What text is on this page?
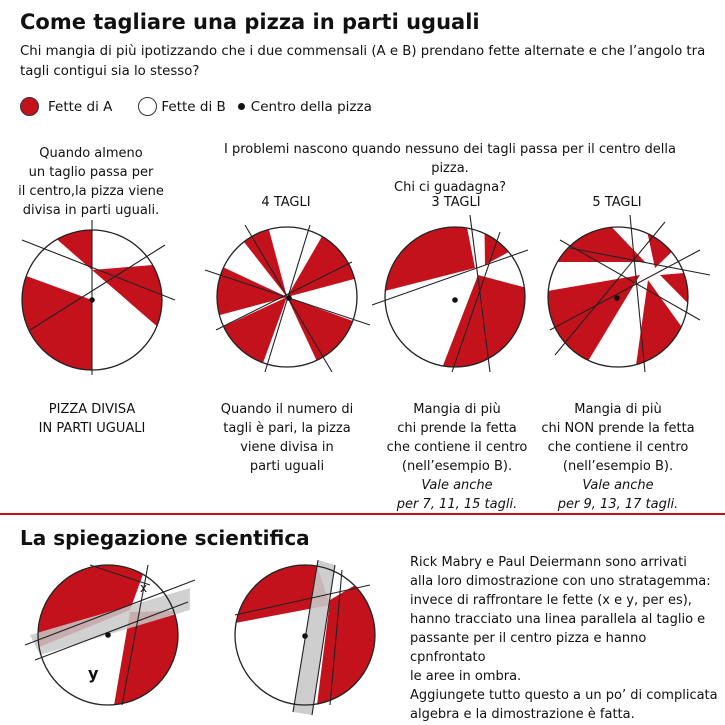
Come tagliare una pizza in parti uguali
Chi mangia di più ipotizzando che i due commensali (A e B) prendano fette alternate e che l’angolo tra
tagli contigui sia lo stesso?
Fette di A	Fette di B Centro della pizza
Quando almeno
un taglio passa per
il centro,la pizza viene
divisa in parti uguali.
I problemi nascono quando nessuno dei tagli passa per il centro della pizza.
Chi ci guadagna?
4 TAGLI	3 TAGLI	5 TAGLI
PIZZA DIVISA
IN PARTI UGUALI
Quando il numero di
tagli è pari, la pizza
viene divisa in
parti uguali
Mangia di più
chi prende la fetta
che contiene il centro
(nell’esempio B).
Vale anche
per 7, 11, 15 tagli.
Mangia di più
chi NON prende la fetta
che contiene il centro
(nell’esempio B).
Vale anche
per 9, 13, 17 tagli.
La spiegazione scientifica
x
y
Rick Mabry e Paul Deiermann sono arrivati
alla loro dimostrazione con uno stratagemma:
invece di raffrontare le fette (x e y, per es),
hanno tracciato una linea parallela al taglio e
passante per il centro pizza e hanno cpnfrontato
le aree in ombra.
Aggiungete tutto questo a un po’ di complicata
algebra e la dimostrazione è fatta.
